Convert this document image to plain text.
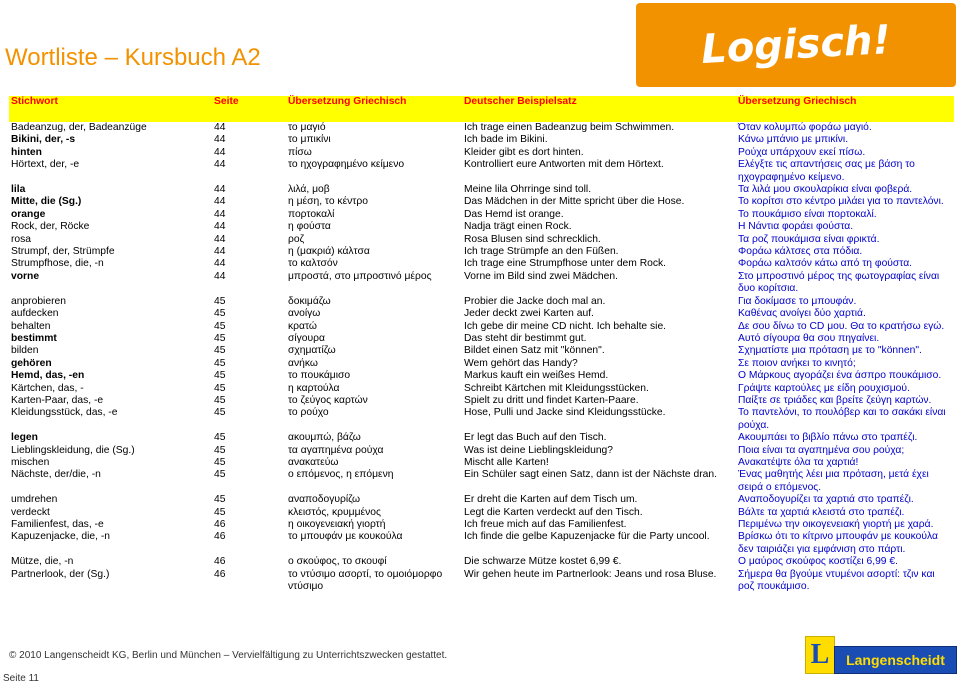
Wortliste – Kursbuch A2	Logisch!
Stichwort	Seite	Übersetzung Griechisch	Deutscher Beispielsatz	Übersetzung Griechisch
Badeanzug, der, Badeanzüge	44	το μαγιό	Ich trage einen Badeanzug beim Schwimmen.	Όταν κολυμπώ φοράω μαγιό.
Bikini, der, -s	44	το μπικίνι	Ich bade im Bikini.	Κάνω μπάνιο με μπικίνι.
hinten	44	πίσω	Kleider gibt es dort hinten.	Ρούχα υπάρχουν εκεί πίσω.
Hörtext, der, -e	44	το ηχογραφημένο κείμενο	Kontrolliert eure Antworten mit dem Hörtext.	Ελέγξτε τις απαντήσεις σας με βάση το ηχογραφημένο κείμενο.
lila	44	λιλά, μοβ	Meine lila Ohrringe sind toll.	Τα λιλά μου σκουλαρίκια είναι φοβερά.
Mitte, die (Sg.)	44	η μέση, το κέντρο	Das Mädchen in der Mitte spricht über die Hose.	Το κορίτσι στο κέντρο μιλάει για το παντελόνι.
orange	44	πορτοκαλί	Das Hemd ist orange.	Το πουκάμισο είναι πορτοκαλί.
Rock, der, Röcke	44	η φούστα	Nadja trägt einen Rock.	Η Νάντια φοράει φούστα.
rosa	44	ροζ	Rosa Blusen sind schrecklich.	Τα ροζ πουκάμισα είναι φρικτά.
Strumpf, der, Strümpfe	44	η (μακριά) κάλτσα	Ich trage Strümpfe an den Füßen.	Φοράω κάλτσες στα πόδια.
Strumpfhose, die, -n	44	το καλτσόν	Ich trage eine Strumpfhose unter dem Rock.	Φοράω καλτσόν κάτω από τη φούστα.
vorne	44	μπροστά, στο μπροστινό μέρος	Vorne im Bild sind zwei Mädchen.	Στο μπροστινό μέρος της φωτογραφίας είναι δυο κορίτσια.
anprobieren	45	δοκιμάζω	Probier die Jacke doch mal an.	Για δοκίμασε το μπουφάν.
aufdecken	45	ανοίγω	Jeder deckt zwei Karten auf.	Καθένας ανοίγει δύο χαρτιά.
behalten	45	κρατώ	Ich gebe dir meine CD nicht. Ich behalte sie.	Δε σου δίνω το CD μου. Θα το κρατήσω εγώ.
bestimmt	45	σίγουρα	Das steht dir bestimmt gut.	Αυτό σίγουρα θα σου πηγαίνει.
bilden	45	σχηματίζω	Bildet einen Satz mit "können".	Σχηματίστε μια πρόταση με το "können".
gehören	45	ανήκω	Wem gehört das Handy?	Σε ποιον ανήκει το κινητό;
Hemd, das, -en	45	το πουκάμισο	Markus kauft ein weißes Hemd.	Ο Μάρκους αγοράζει ένα άσπρο πουκάμισο.
Kärtchen, das, -	45	η καρτούλα	Schreibt Kärtchen mit Kleidungsstücken.	Γράψτε καρτούλες με είδη ρουχισμού.
Karten-Paar, das, -e	45	το ζεύγος καρτών	Spielt zu dritt und findet Karten-Paare.	Παίξτε σε τριάδες και βρείτε ζεύγη καρτών.
Kleidungsstück, das, -e	45	το ρούχο	Hose, Pulli und Jacke sind Kleidungsstücke.	Το παντελόνι, το πουλόβερ και το σακάκι είναι ρούχα.
legen	45	ακουμπώ, βάζω	Er legt das Buch auf den Tisch.	Ακουμπάει το βιβλίο πάνω στο τραπέζι.
Lieblingskleidung, die (Sg.)	45	τα αγαπημένα ρούχα	Was ist deine Lieblingskleidung?	Ποια είναι τα αγαπημένα σου ρούχα;
mischen	45	ανακατεύω	Mischt alle Karten!	Ανακατέψτε όλα τα χαρτιά!
Nächste, der/die, -n	45	ο επόμενος, η επόμενη	Ein Schüler sagt einen Satz, dann ist der Nächste dran.	Ένας μαθητής λέει μια πρόταση, μετά έχει σειρά ο επόμενος.
umdrehen	45	αναποδογυρίζω	Er dreht die Karten auf dem Tisch um.	Αναποδογυρίζει τα χαρτιά στο τραπέζι.
verdeckt	45	κλειστός, κρυμμένος	Legt die Karten verdeckt auf den Tisch.	Βάλτε τα χαρτιά κλειστά στο τραπέζι.
Familienfest, das, -e	46	η οικογενειακή γιορτή	Ich freue mich auf das Familienfest.	Περιμένω την οικογενειακή γιορτή με χαρά.
Kapuzenjacke, die, -n	46	το μπουφάν με κουκούλα	Ich finde die gelbe Kapuzenjacke für die Party uncool.	Βρίσκω ότι το κίτρινο μπουφάν με κουκούλα δεν ταιριάζει για εμφάνιση στο πάρτι.
Mütze, die, -n	46	ο σκούφος, το σκουφί	Die schwarze Mütze kostet 6,99 €.	Ο μαύρος σκούφος κοστίζει 6,99 €.
Partnerlook, der (Sg.)	46	το ντύσιμο ασορτί, το ομοιόμορφο ντύσιμο	Wir gehen heute im Partnerlook: Jeans und rosa Bluse.	Σήμερα θα βγούμε ντυμένοι ασορτί: τζιν και ροζ πουκάμισο.
© 2010 Langenscheidt KG, Berlin und München – Vervielfältigung zu Unterrichtszwecken gestattet.
Seite 11
L	Langenscheidt
